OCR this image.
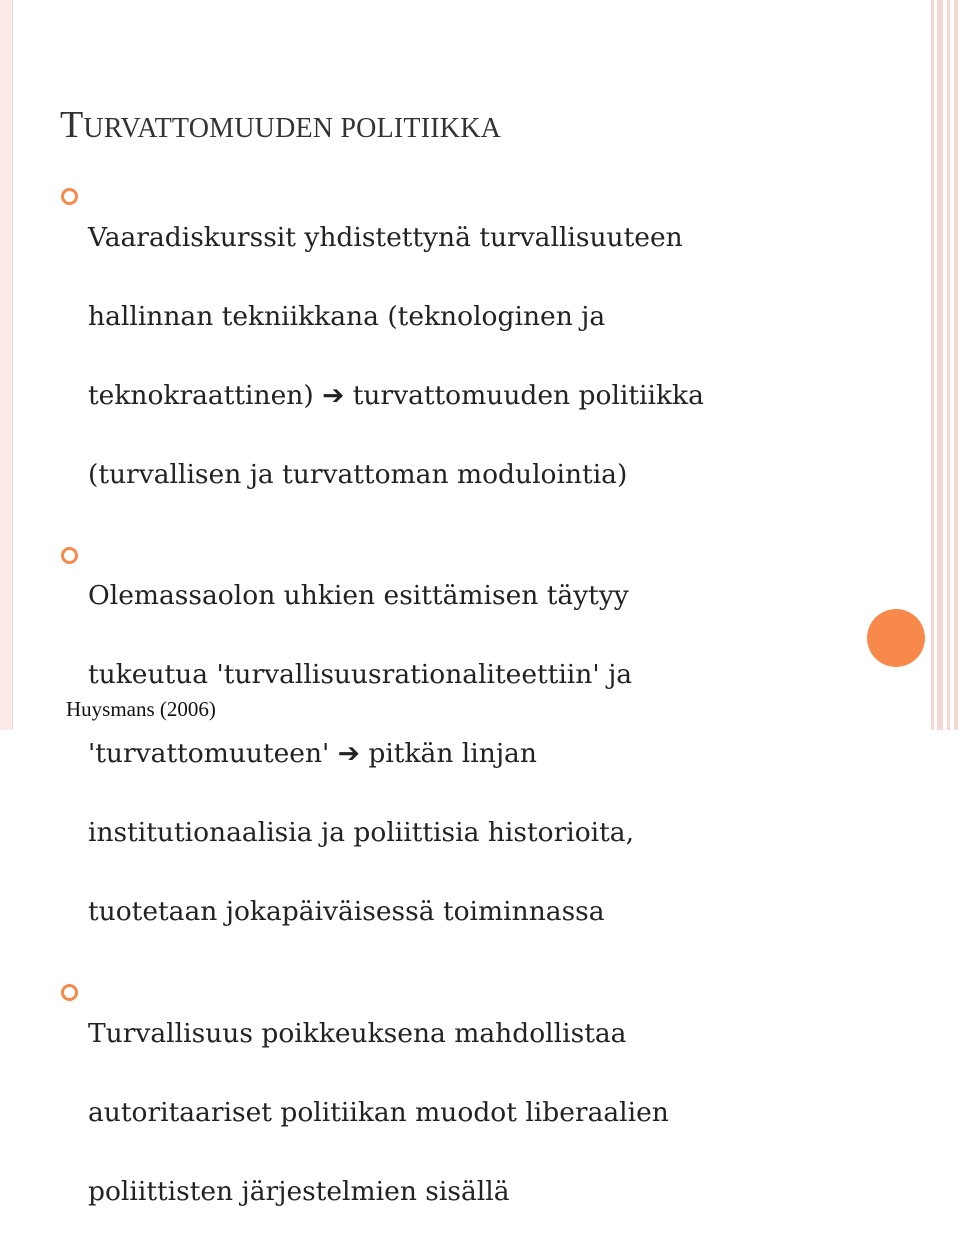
TURVATTOMUUDEN POLITIIKKA

Vaaradiskurssit yhdistettynä turvallisuuteen

hallinnan tekniikkana (teknologinen ja

teknokraattinen) ➔ turvattomuuden politiikka

(turvallisen ja turvattoman modulointia)

Olemassaolon uhkien esittämisen täytyy

tukeutua 'turvallisuusrationaliteettiin' ja

'turvattomuuteen' ➔ pitkän linjan

institutionaalisia ja poliittisia historioita,

tuotetaan jokapäiväisessä toiminnassa

Turvallisuus poikkeuksena mahdollistaa

autoritaariset politiikan muodot liberaalien

poliittisten järjestelmien sisällä

Huysmans (2006)
